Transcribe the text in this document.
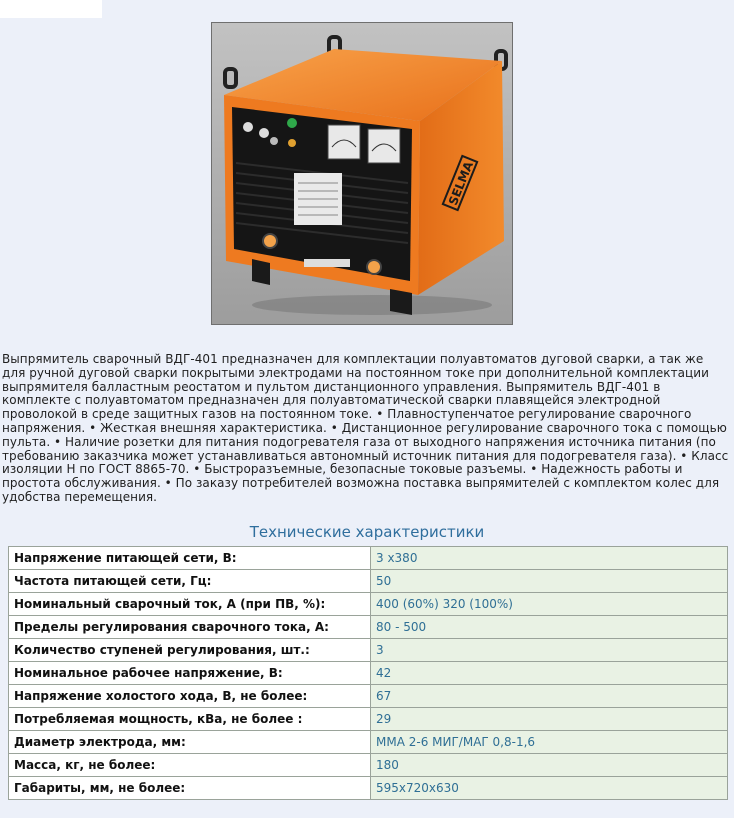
SELMA
Выпрямитель сварочный ВДГ-401 предназначен для комплектации полуавтоматов дуговой сварки, а так же для ручной дуговой сварки покрытыми электродами на постоянном токе при дополнительной комплектации выпрямителя балластным реостатом и пультом дистанционного управления. Выпрямитель ВДГ-401 в комплекте с полуавтоматом предназначен для полуавтоматической сварки плавящейся электродной проволокой в среде защитных газов на постоянном токе. • Плавноступенчатое регулирование сварочного напряжения. • Жесткая внешняя характеристика. • Дистанционное регулирование сварочного тока с помощью пульта. • Наличие розетки для питания подогревателя газа от выходного напряжения источника питания (по требованию заказчика может устанавливаться автономный источник питания для подогревателя газа). • Класс изоляции Н по ГОСТ 8865-70. • Быстроразъемные, безопасные токовые разъемы. • Надежность работы и простота обслуживания. • По заказу потребителей возможна поставка выпрямителей с комплектом колес для удобства перемещения.
Технические характеристики
Напряжение питающей сети, В:	3 х380
Частота питающей сети, Гц:	50
Номинальный сварочный ток, А (при ПВ, %):	400 (60%) 320 (100%)
Пределы регулирования сварочного тока, А:	80 - 500
Количество ступеней регулирования, шт.:	3
Номинальное рабочее напряжение, В:	42
Напряжение холостого хода, В, не более:	67
Потребляемая мощность, кВа, не более :	29
Диаметр электрода, мм:	ММА 2-6 МИГ/МАГ 0,8-1,6
Масса, кг, не более:	180
Габариты, мм, не более:	595х720х630
